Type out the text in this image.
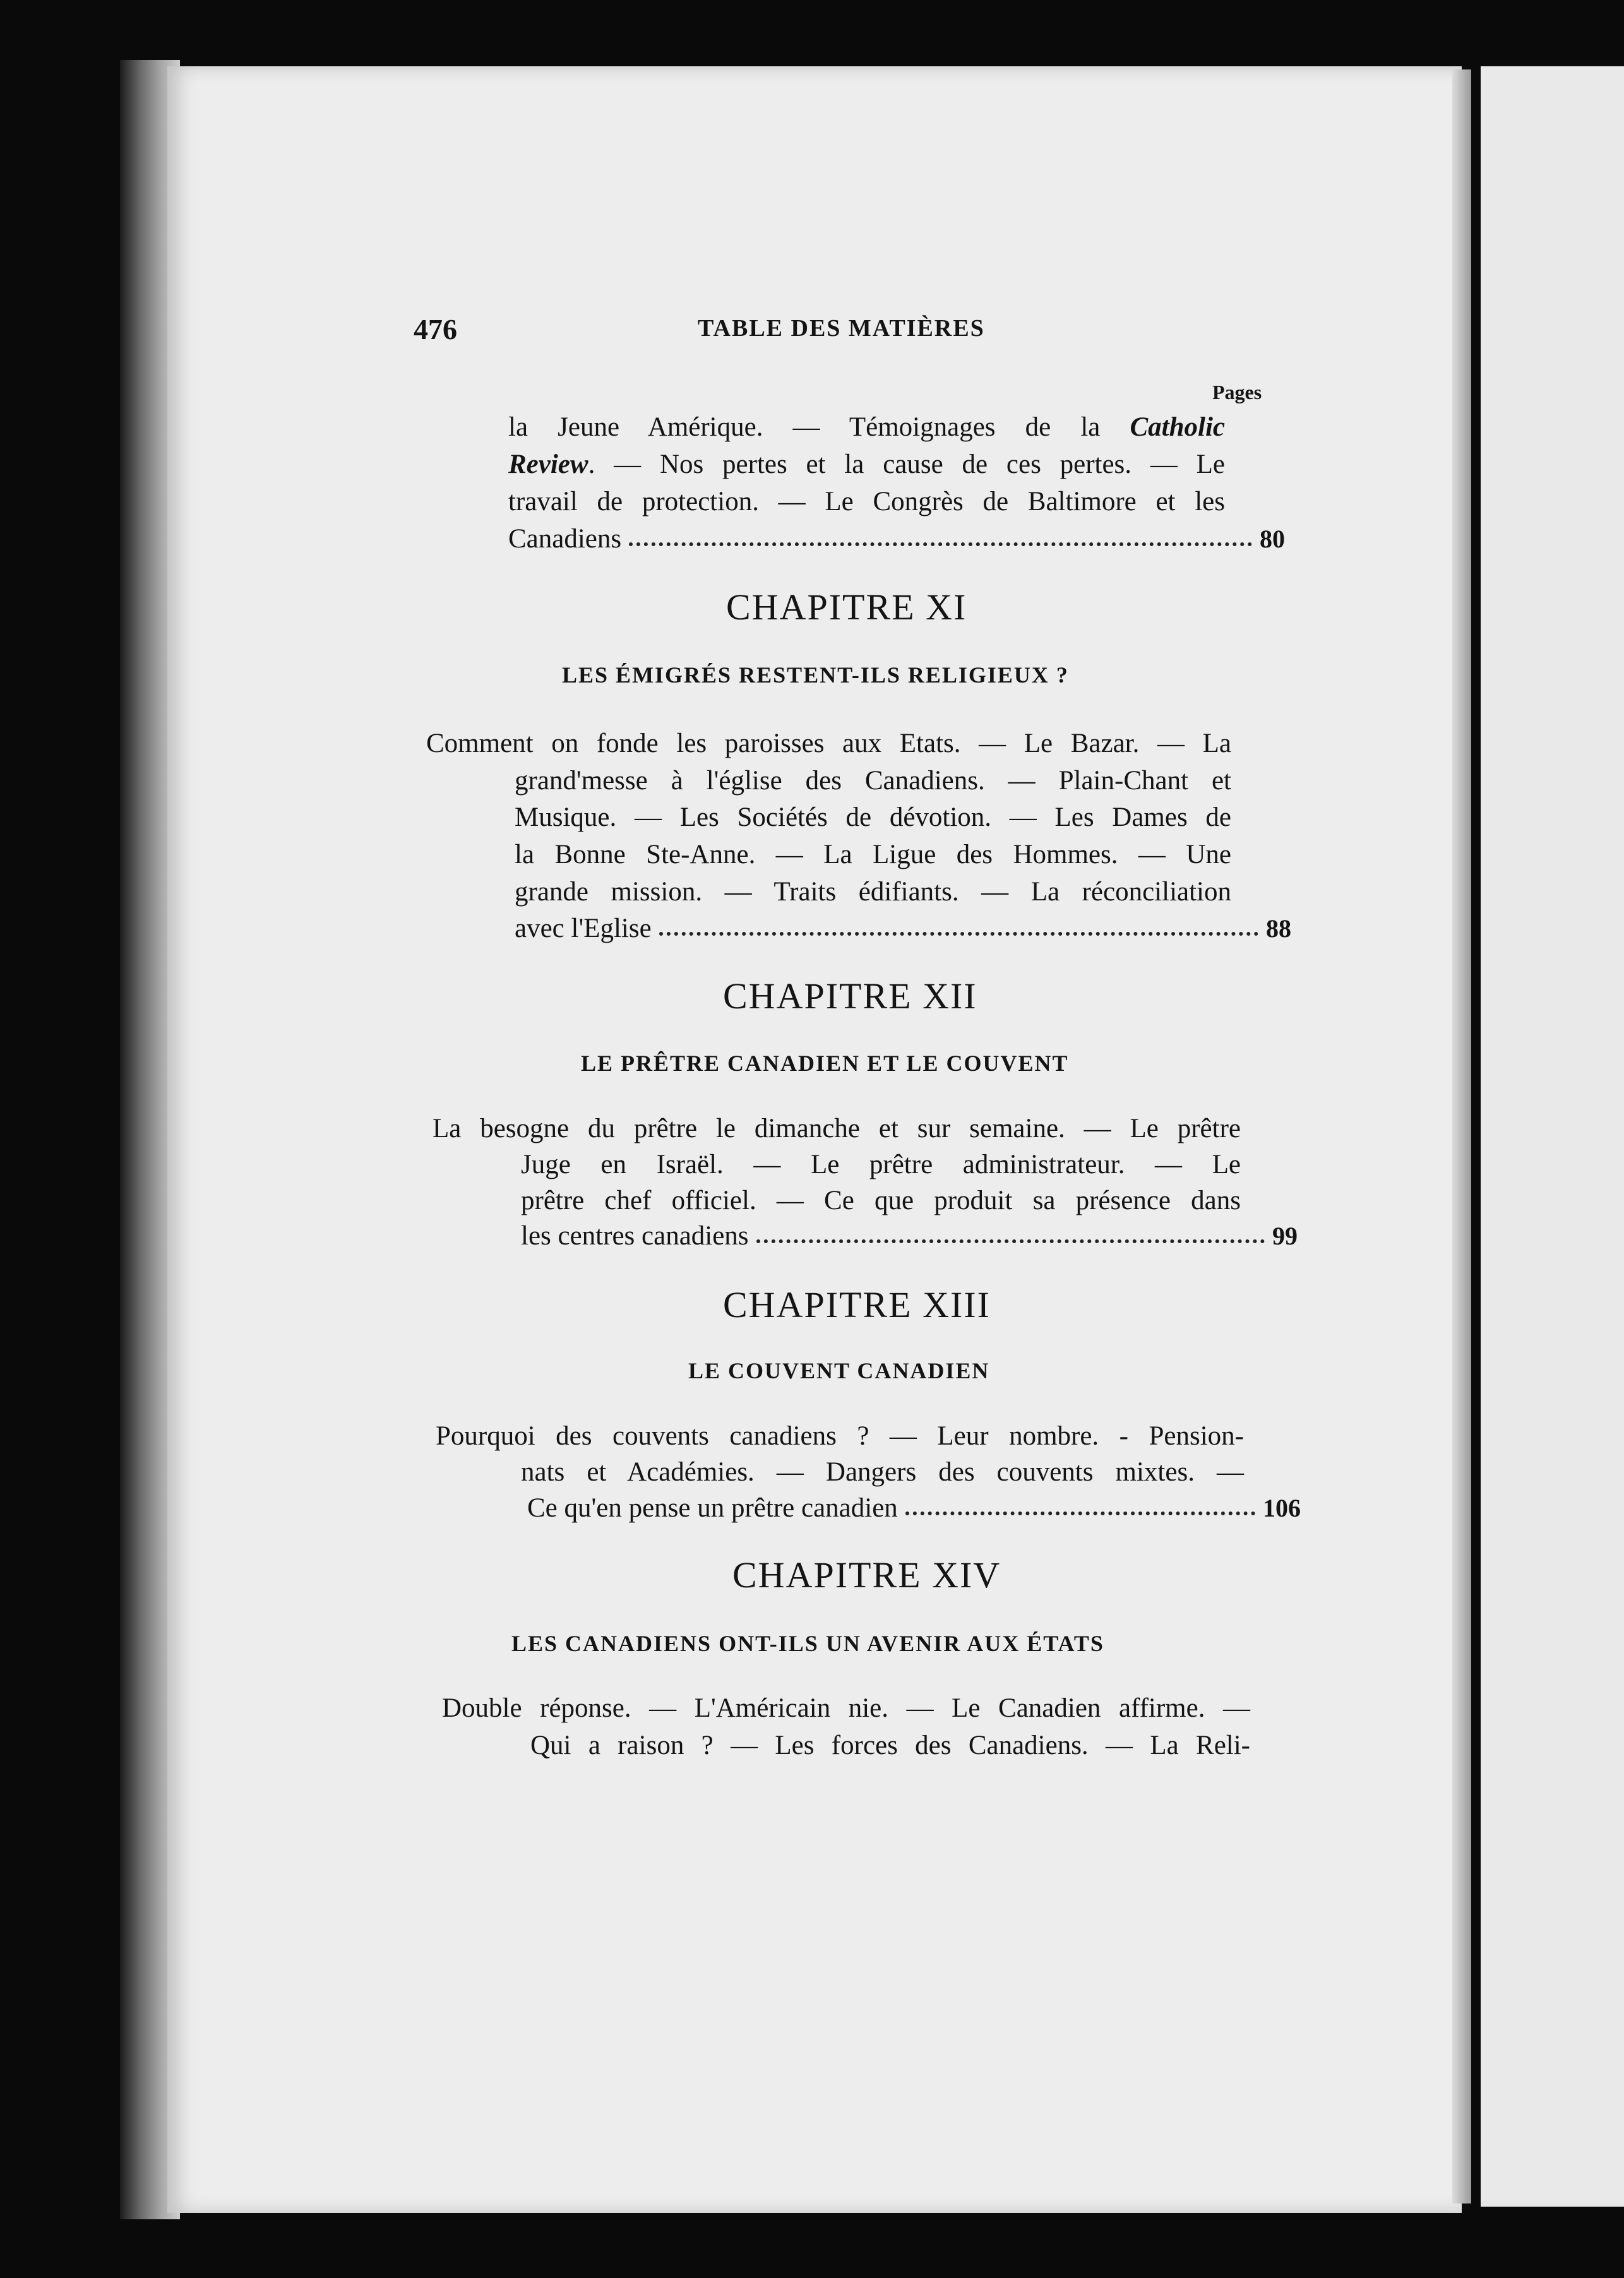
476	TABLE DES MATIÈRES
Pages
la Jeune Amérique. — Témoignages de la Catholic
Review. — Nos pertes et la cause de ces pertes. — Le
travail de protection. — Le Congrès de Baltimore et les
Canadiens	80
CHAPITRE XI
LES ÉMIGRÉS RESTENT-ILS RELIGIEUX ?
Comment on fonde les paroisses aux Etats. — Le Bazar. — La
grand'messe à l'église des Canadiens. — Plain-Chant et
Musique. — Les Sociétés de dévotion. — Les Dames de
la Bonne Ste-Anne. — La Ligue des Hommes. — Une
grande mission. — Traits édifiants. — La réconciliation
avec l'Eglise	88
CHAPITRE XII
LE PRÊTRE CANADIEN ET LE COUVENT
La besogne du prêtre le dimanche et sur semaine. — Le prêtre
Juge en Israël. — Le prêtre administrateur. — Le
prêtre chef officiel. — Ce que produit sa présence dans
les centres canadiens	99
CHAPITRE XIII
LE COUVENT CANADIEN
Pourquoi des couvents canadiens ? — Leur nombre. - Pension-
nats et Académies. — Dangers des couvents mixtes. —
Ce qu'en pense un prêtre canadien	106
CHAPITRE XIV
LES CANADIENS ONT-ILS UN AVENIR AUX ÉTATS
Double réponse. — L'Américain nie. — Le Canadien affirme. —
Qui a raison ? — Les forces des Canadiens. — La Reli-
